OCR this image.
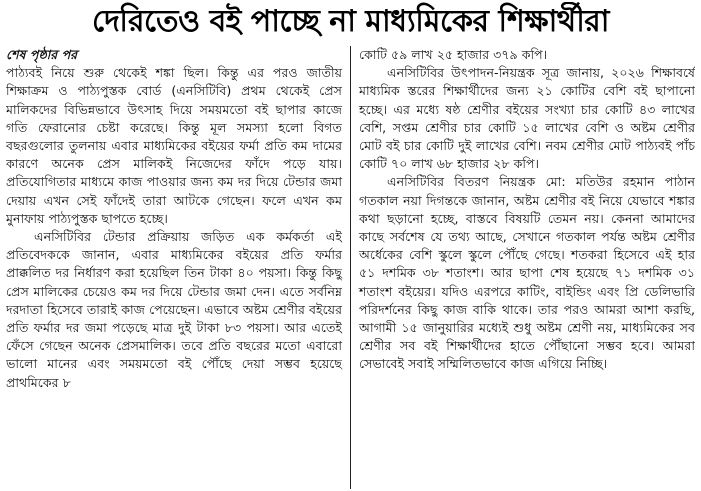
দেরিতেও বই পাচ্ছে না মাধ্যমিকের শিক্ষার্থীরা

শেষ পৃষ্ঠার পর

পাঠ্যবই নিয়ে শুরু থেকেই শঙ্কা ছিল। কিন্তু এর পরও জাতীয় শিক্ষাক্রম ও পাঠ্যপুস্তক বোর্ড (এনসিটিবি) প্রথম থেকেই প্রেস মালিকদের বিভিন্নভাবে উৎসাহ দিয়ে সময়মতো বই ছাপার কাজে গতি ফেরানোর চেষ্টা করেছে। কিন্তু মূল সমস্যা হলো বিগত বছরগুলোর তুলনায় এবার মাধ্যমিকের বইয়ের ফর্মা প্রতি কম দামের কারণে অনেক প্রেস মালিকই নিজেদের ফাঁদে পড়ে যায়। প্রতিযোগিতার মাধ্যমে কাজ পাওয়ার জন্য কম দর দিয়ে টেন্ডার জমা দেয়ায় এখন সেই ফাঁদেই তারা আটকে গেছেন। ফলে এখন কম মুনাফায় পাঠ্যপুস্তক ছাপতে হচ্ছে।

এনসিটিবির টেন্ডার প্রক্রিয়ায় জড়িত এক কর্মকর্তা এই প্রতিবেদককে জানান, এবার মাধ্যমিকের বইয়ের প্রতি ফর্মার প্রাক্কলিত দর নির্ধারণ করা হয়েছিল তিন টাকা ৪০ পয়সা। কিন্তু কিছু প্রেস মালিকের চেয়েও কম দর দিয়ে টেন্ডার জমা দেন। এতে সর্বনিম্ন দরদাতা হিসেবে তারাই কাজ পেয়েছেন। এভাবে অষ্টম শ্রেণীর বইয়ের প্রতি ফর্মার দর জমা পড়েছে মাত্র দুই টাকা ৮৩ পয়সা। আর এতেই ফেঁসে গেছেন অনেক প্রেসমালিক। তবে প্রতি বছরের মতো এবারো ভালো মানের এবং সময়মতো বই পৌঁছে দেয়া সম্ভব হয়েছে প্রাথমিকের ৮

কোটি ৫৯ লাখ ২৫ হাজার ৩৭৯ কপি।

এনসিটিবির উৎপাদন-নিয়ন্ত্রক সূত্র জানায়, ২০২৬ শিক্ষাবর্ষে মাধ্যমিক স্তরের শিক্ষার্থীদের জন্য ২১ কোটির বেশি বই ছাপানো হচ্ছে। এর মধ্যে ষষ্ঠ শ্রেণীর বইয়ের সংখ্যা চার কোটি ৪৩ লাখের বেশি, সপ্তম শ্রেণীর চার কোটি ১৫ লাখের বেশি ও অষ্টম শ্রেণীর মোট বই চার কোটি দুই লাখের বেশি। নবম শ্রেণীর মোট পাঠ্যবই পাঁচ কোটি ৭০ লাখ ৬৮ হাজার ২৮ কপি।

এনসিটিবির বিতরণ নিয়ন্ত্রক মো: মতিউর রহমান পাঠান গতকাল নয়া দিগন্তকে জানান, অষ্টম শ্রেণীর বই নিয়ে যেভাবে শঙ্কার কথা ছড়ানো হচ্ছে, বাস্তবে বিষয়টি তেমন নয়। কেননা আমাদের কাছে সর্বশেষ যে তথ্য আছে, সেখানে গতকাল পর্যন্ত অষ্টম শ্রেণীর অর্ধেকের বেশি স্কুলে স্কুলে পৌঁছে গেছে। শতকরা হিসেবে এই হার ৫১ দশমিক ৩৮ শতাংশ। আর ছাপা শেষ হয়েছে ৭১ দশমিক ৩১ শতাংশ বইয়ের। যদিও এরপরে কাটিং, বাইন্ডিং এবং প্রি ডেলিভারি পরিদর্শনের কিছু কাজ বাকি থাকে। তার পরও আমরা আশা করছি, আগামী ১৫ জানুয়ারির মধ্যেই শুধু অষ্টম শ্রেণী নয়, মাধ্যমিকের সব শ্রেণীর সব বই শিক্ষার্থীদের হাতে পৌঁছানো সম্ভব হবে। আমরা সেভাবেই সবাই সম্মিলিতভাবে কাজ এগিয়ে নিচ্ছি।
